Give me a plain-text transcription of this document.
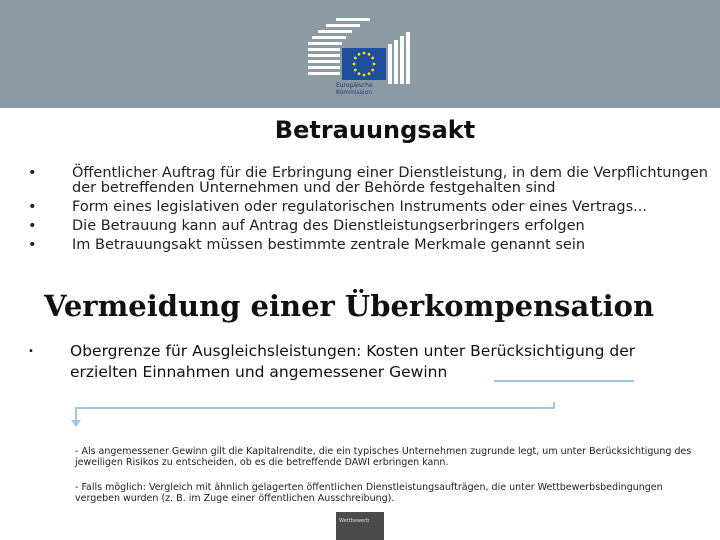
Europäische
Kommission
Betrauungsakt
• Öffentlicher Auftrag für die Erbringung einer Dienstleistung, in dem die Verpflichtungen der betreffenden Unternehmen und der Behörde festgehalten sind
• Form eines legislativen oder regulatorischen Instruments oder eines Vertrags...
• Die Betrauung kann auf Antrag des Dienstleistungserbringers erfolgen
• Im Betrauungsakt müssen bestimmte zentrale Merkmale genannt sein
Vermeidung einer Überkompensation
• Obergrenze für Ausgleichsleistungen: Kosten unter Berücksichtigung der erzielten Einnahmen und angemessener Gewinn
- Als angemessener Gewinn gilt die Kapitalrendite, die ein typisches Unternehmen zugrunde legt, um unter Berücksichtigung des jeweiligen Risikos zu entscheiden, ob es die betreffende DAWI erbringen kann.
- Falls möglich: Vergleich mit ähnlich gelagerten öffentlichen Dienstleistungsaufträgen, die unter Wettbewerbsbedingungen vergeben wurden (z. B. im Zuge einer öffentlichen Ausschreibung).
Wettbewerb
